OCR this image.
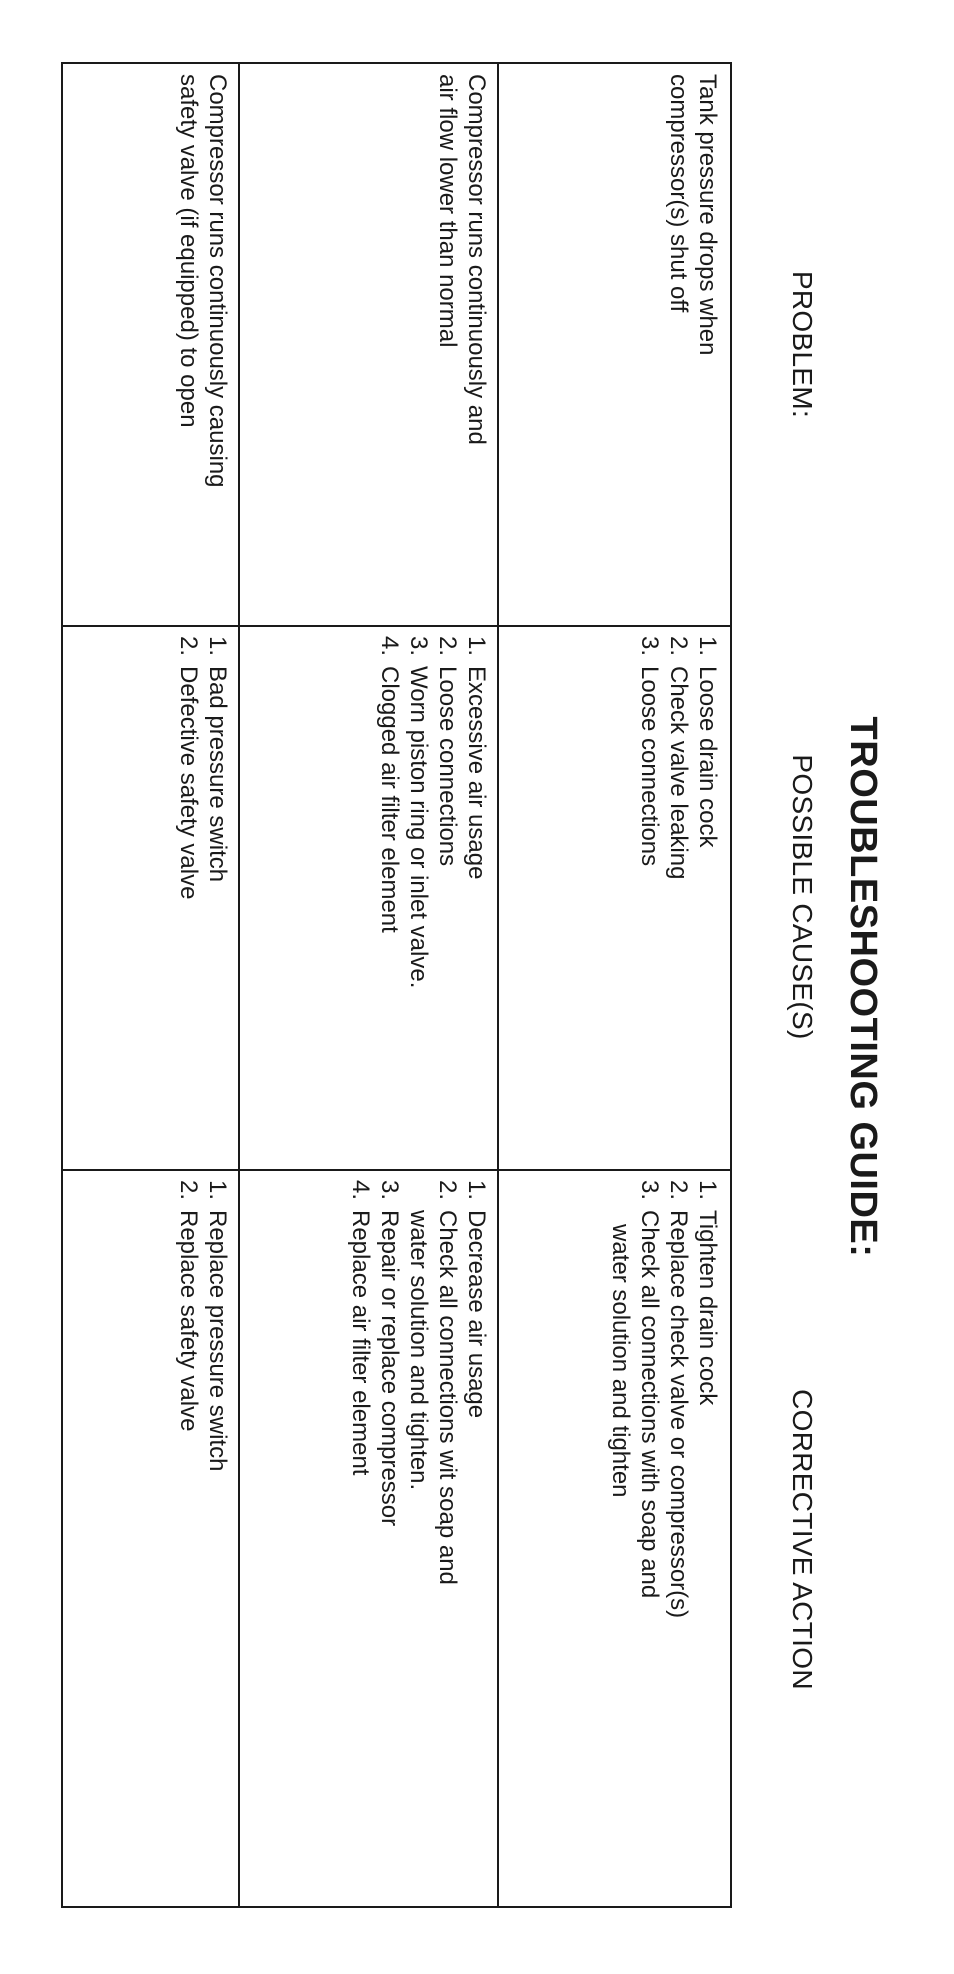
TROUBLESHOOTING GUIDE:
PROBLEM:
POSSIBLE CAUSE(S)
CORRECTIVE ACTION
Tank pressure drops when
compressor(s) shut off
1.
Loose drain cock
2.
Check valve leaking
3.
Loose connections
1.
Tighten drain cock
2.
Replace check valve or compressor(s)
3.
Check all connections with soap and
water solution and tighten
Compressor runs continuously and
air flow lower than normal
1.
Excessive air usage
2.
Loose connections
3.
Worn piston ring or inlet valve.
4.
Clogged air filter element
1.
Decrease air usage
2.
Check all connections wit soap and
water solution and tighten.
3.
Repair or replace compressor
4.
Replace air filter element
Compressor runs continuously causing
safety valve (if equipped) to open
1.
Bad pressure switch
2.
Defective safety valve
1.
Replace pressure switch
2.
Replace safety valve
